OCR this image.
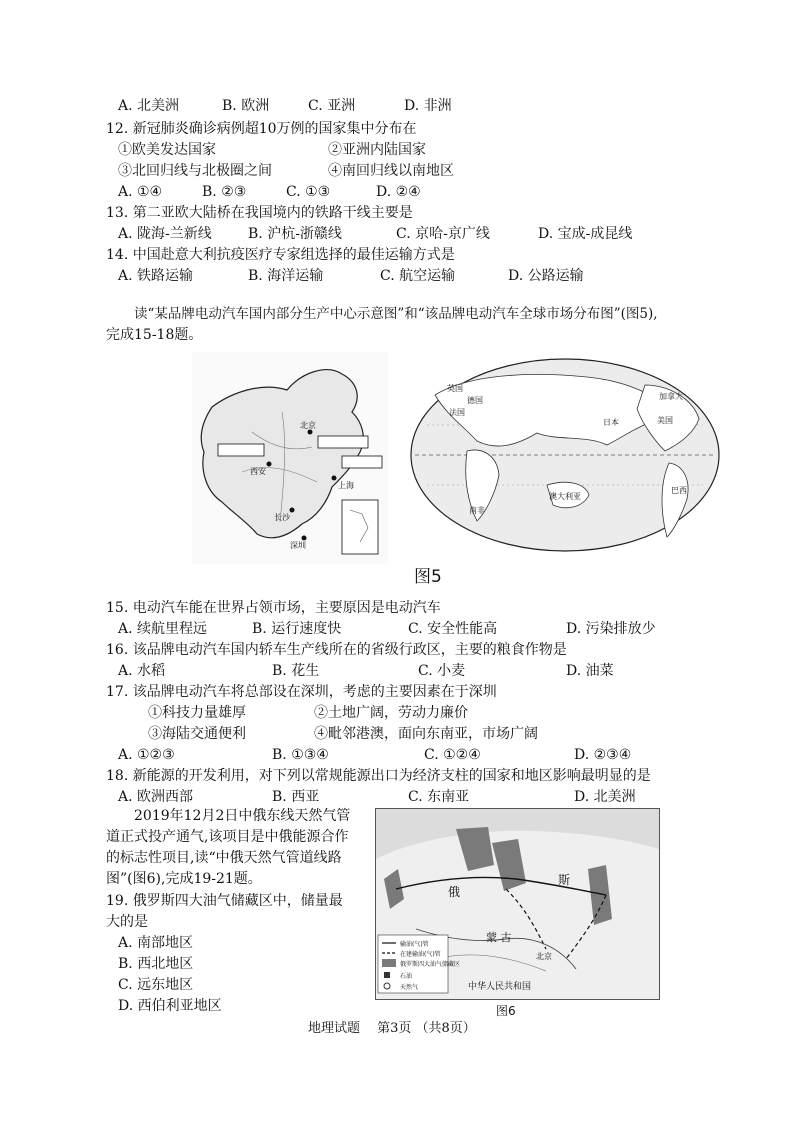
A. 北美洲	B. 欧洲	C. 亚洲	D. 非洲
12. 新冠肺炎确诊病例超10万例的国家集中分布在
①欧美发达国家	②亚洲内陆国家
③北回归线与北极圈之间	④南回归线以南地区
A. ①④	B. ②③	C. ①③	D. ②④
13. 第二亚欧大陆桥在我国境内的铁路干线主要是
A. 陇海-兰新线	B. 沪杭-浙赣线	C. 京哈-京广线	D. 宝成-成昆线
14. 中国赴意大利抗疫医疗专家组选择的最佳运输方式是
A. 铁路运输	B. 海洋运输	C. 航空运输	D. 公路运输
读“某品牌电动汽车国内部分生产中心示意图”和“该品牌电动汽车全球市场分布图”(图5),
完成15-18题。
北京
上海
深圳
西安
长沙
英国
德国
法国
日本	美国
加拿大
巴西
南非
澳大利亚
图5
15. 电动汽车能在世界占领市场，主要原因是电动汽车
A. 续航里程远	B. 运行速度快	C. 安全性能高	D. 污染排放少
16. 该品牌电动汽车国内轿车生产线所在的省级行政区，主要的粮食作物是
A. 水稻	B. 花生	C. 小麦	D. 油菜
17. 该品牌电动汽车将总部设在深圳，考虑的主要因素在于深圳
①科技力量雄厚	②土地广阔，劳动力廉价
③海陆交通便利	④毗邻港澳，面向东南亚，市场广阔
A. ①②③	B. ①③④	C. ①②④	D. ②③④
18. 新能源的开发利用，对下列以常规能源出口为经济支柱的国家和地区影响最明显的是
A. 欧洲西部	B. 西亚	C. 东南亚	D. 北美洲
2019年12月2日中俄东线天然气管道正式投产通气,该项目是中俄能源合作的标志性项目,读“中俄天然气管道线路图”(图6),完成19-21题。
19. 俄罗斯四大油气储藏区中，储量最
大的是
A. 南部地区
B. 西北地区
C. 远东地区
D. 西伯利亚地区
俄
斯
蒙 古
北京
中华人民共和国
输油(气)管
在建输油(气)管
俄罗斯四大油气储藏区
石油
天然气
图6
地理试题　 第3页 （共8页）
